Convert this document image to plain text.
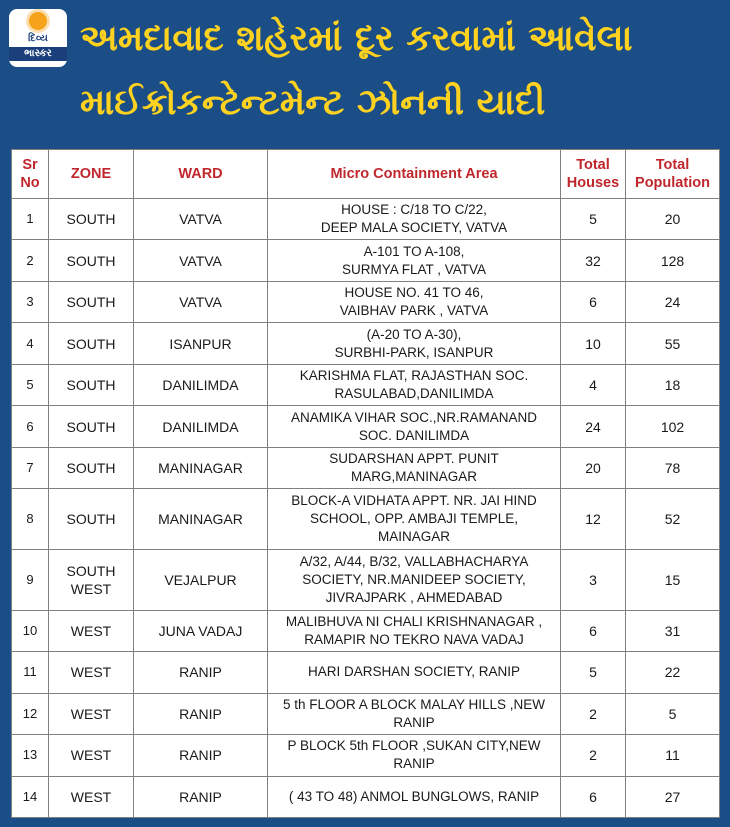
દિવ્ય
ભાસ્કર અમદાવાદ શહેરમાં દૂર કરવામાં આવેલા
માઈક્રોકન્ટેન્ટમેન્ટ ઝોનની યાદી
Sr
No	ZONE	WARD	Micro Containment Area	Total
Houses	Total
Population
1	SOUTH	VATVA	HOUSE : C/18 TO C/22,
DEEP MALA SOCIETY, VATVA	5	20
2	SOUTH	VATVA	A-101 TO A-108,
SURMYA FLAT , VATVA	32	128
3	SOUTH	VATVA	HOUSE NO. 41 TO 46,
VAIBHAV PARK , VATVA	6	24
4	SOUTH	ISANPUR	(A-20 TO A-30),
SURBHI-PARK, ISANPUR	10	55
5	SOUTH	DANILIMDA	KARISHMA FLAT, RAJASTHAN SOC.
RASULABAD,DANILIMDA	4	18
6	SOUTH	DANILIMDA	ANAMIKA VIHAR SOC.,NR.RAMANAND
SOC. DANILIMDA	24	102
7	SOUTH	MANINAGAR	SUDARSHAN APPT. PUNIT
MARG,MANINAGAR	20	78
8	SOUTH	MANINAGAR	BLOCK-A VIDHATA APPT. NR. JAI HIND
SCHOOL, OPP. AMBAJI TEMPLE,
MAINAGAR	12	52
9	SOUTH
WEST	VEJALPUR	A/32, A/44, B/32, VALLABHACHARYA
SOCIETY, NR.MANIDEEP SOCIETY,
JIVRAJPARK , AHMEDABAD	3	15
10	WEST	JUNA VADAJ	MALIBHUVA NI CHALI KRISHNANAGAR ,
RAMAPIR NO TEKRO NAVA VADAJ	6	31
11	WEST	RANIP	HARI DARSHAN SOCIETY, RANIP	5	22
12	WEST	RANIP	5 th FLOOR A BLOCK MALAY HILLS ,NEW
RANIP	2	5
13	WEST	RANIP	P BLOCK 5th FLOOR ,SUKAN CITY,NEW
RANIP	2	11
14	WEST	RANIP	( 43 TO 48) ANMOL BUNGLOWS, RANIP	6	27
